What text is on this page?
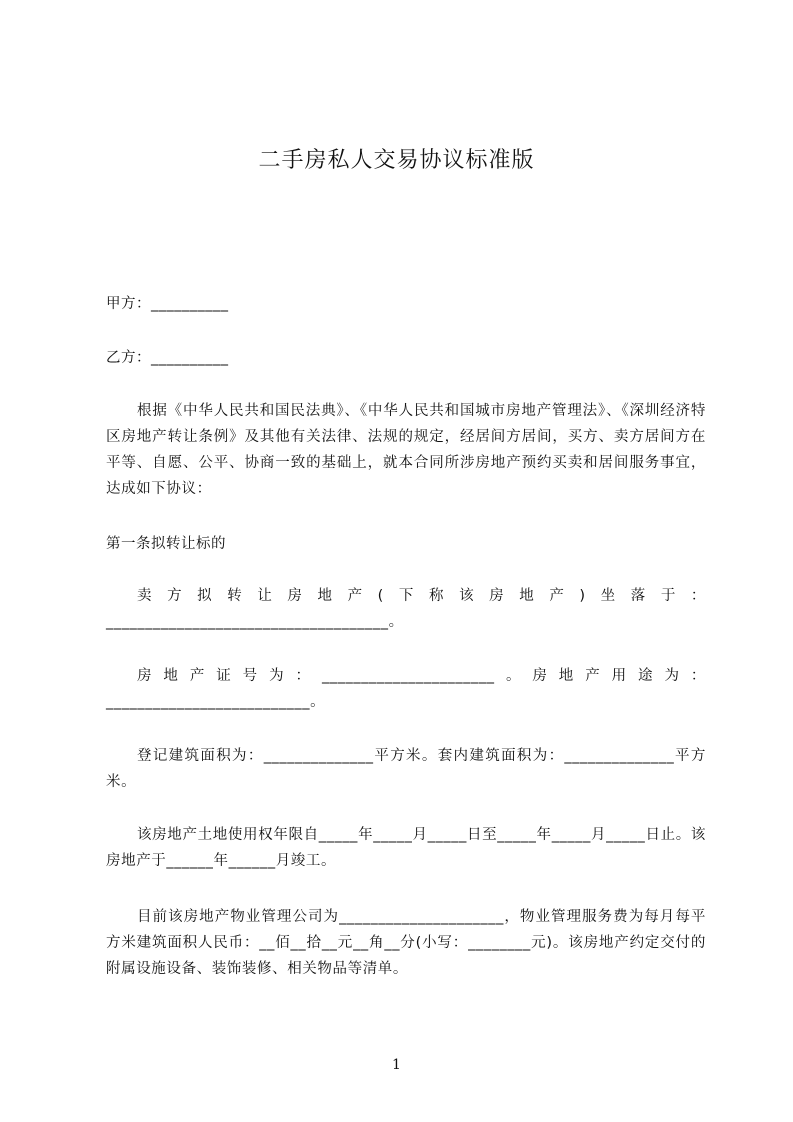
二手房私人交易协议标准版
甲方：__________
乙方：__________
根据《中华人民共和国民法典》、《中华人民共和国城市房地产管理法》、《深圳经济特区房地产转让条例》及其他有关法律、法规的规定，经居间方居间，买方、卖方居间方在平等、自愿、公平、协商一致的基础上，就本合同所涉房地产预约买卖和居间服务事宜，达成如下协议：
第一条拟转让标的
卖方拟转让房地产(下称该房地产)坐落于：____________________________________。
房地产证号为：______________________。房地产用途为：__________________________。
登记建筑面积为：______________平方米。套内建筑面积为：______________平方米。
该房地产土地使用权年限自_____年_____月_____日至_____年_____月_____日止。该房地产于______年______月竣工。
目前该房地产物业管理公司为_____________________，物业管理服务费为每月每平方米建筑面积人民币：__佰__拾__元__角__分(小写：________元)。该房地产约定交付的附属设施设备、装饰装修、相关物品等清单。
1
